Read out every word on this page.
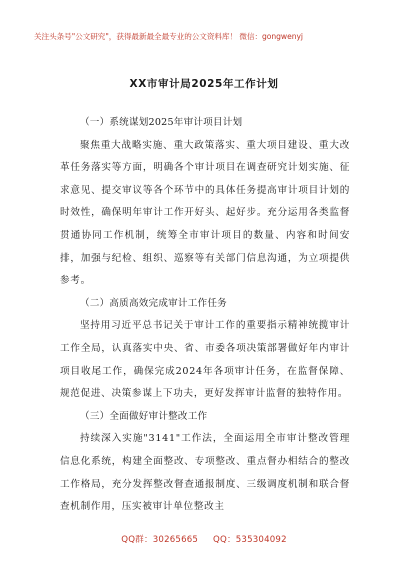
关注头条号"公文研究"，获得最新最全最专业的公文资料库！ 微信：gongwenyj
XX市审计局2025年工作计划
（一）系统谋划2025年审计项目计划

聚焦重大战略实施、重大政策落实、重大项目建设、重大改革任务落实等方面，明确各个审计项目在调查研究计划实施、征求意见、提交审议等各个环节中的具体任务提高审计项目计划的时效性，确保明年审计工作开好头、起好步。充分运用各类监督贯通协同工作机制，统筹全市审计项目的数量、内容和时间安排，加强与纪检、组织、巡察等有关部门信息沟通，为立项提供参考。

（二）高质高效完成审计工作任务

坚持用习近平总书记关于审计工作的重要指示精神统揽审计工作全局，认真落实中央、省、市委各项决策部署做好年内审计项目收尾工作，确保完成2024年各项审计任务，在监督保障、规范促进、决策参谋上下功夫，更好发挥审计监督的独特作用。

（三）全面做好审计整改工作

持续深入实施"3141"工作法，全面运用全市审计整改管理信息化系统，构建全面整改、专项整改、重点督办相结合的整改工作格局，充分发挥整改督查通报制度、三级调度机制和联合督查机制作用，压实被审计单位整改主

QQ群：30265665 QQ：535304092
